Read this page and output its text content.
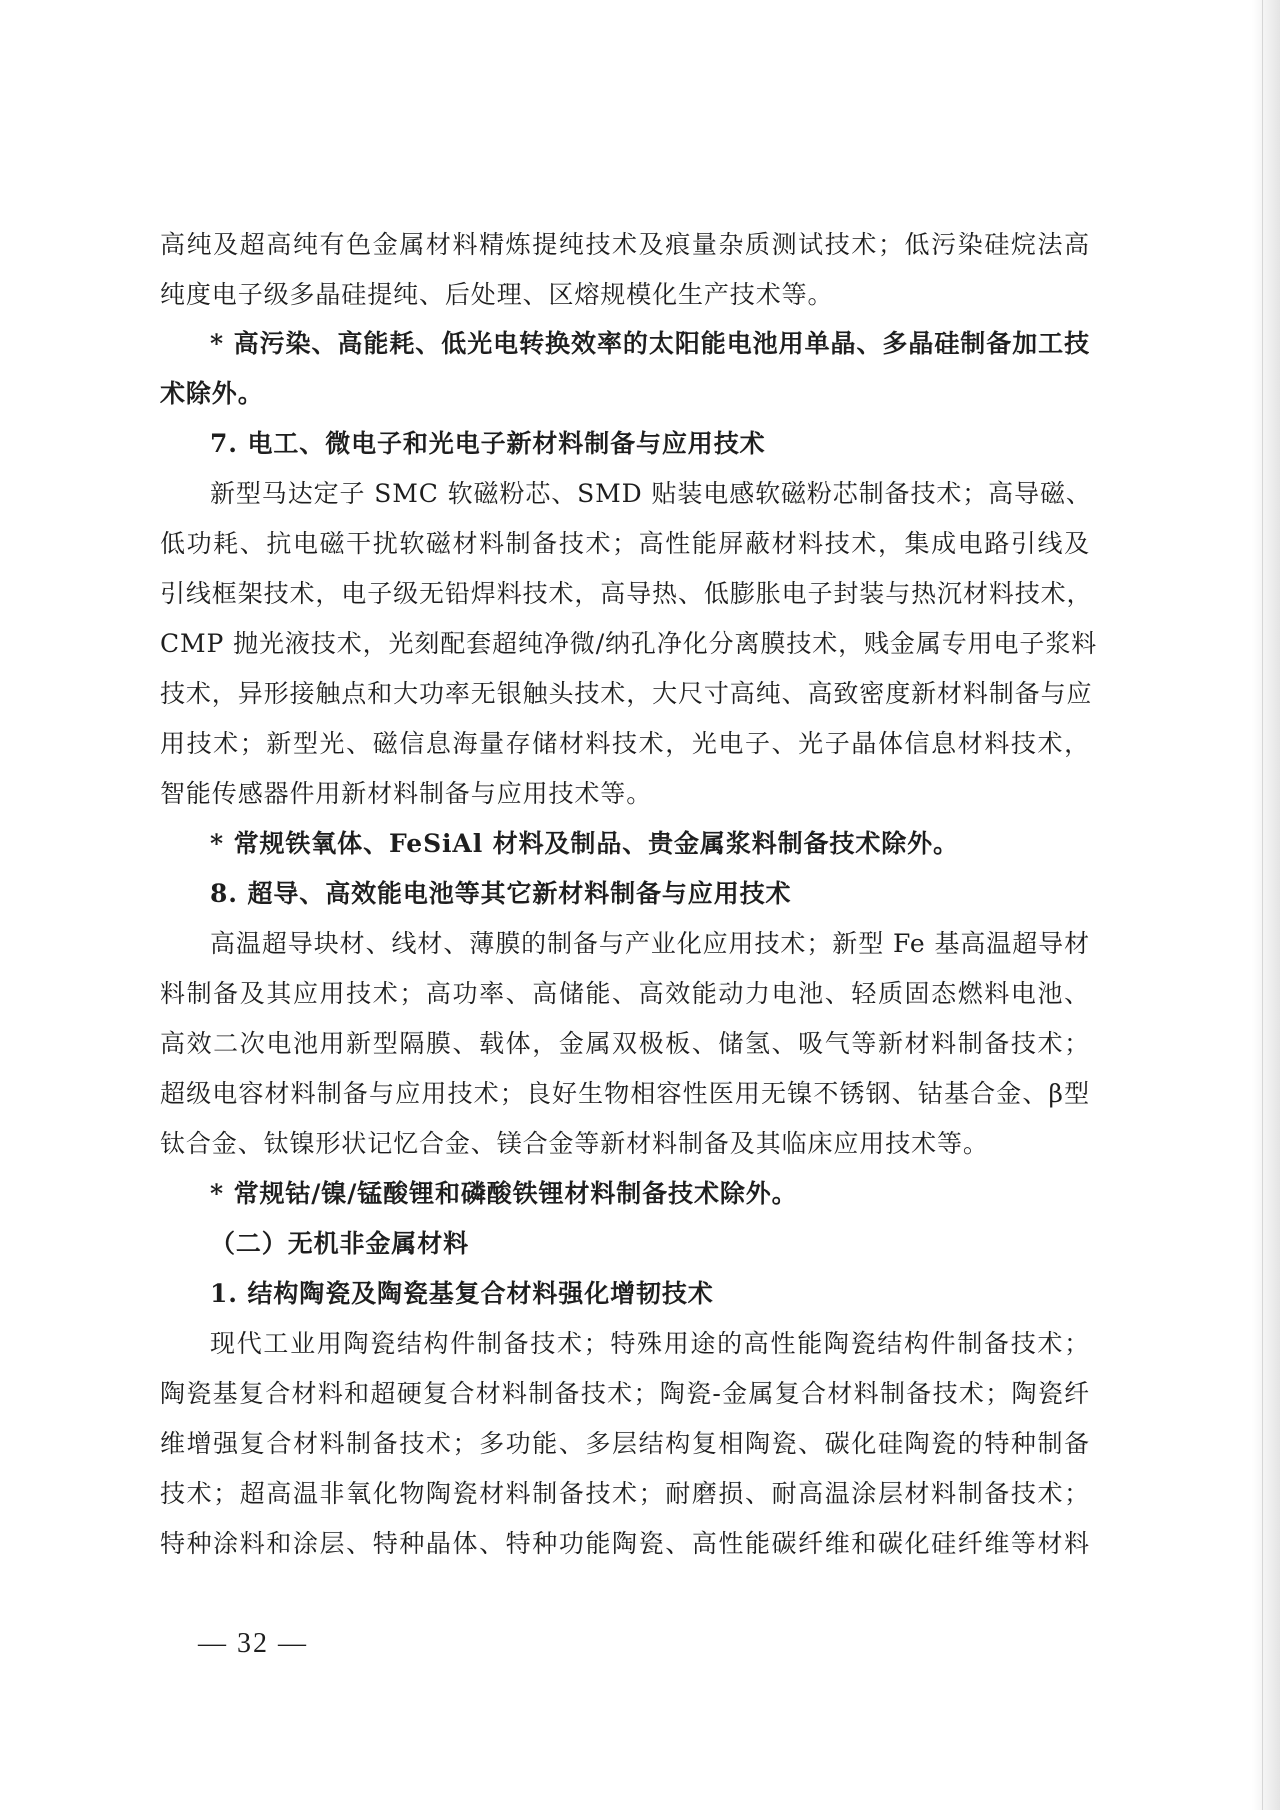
高纯及超高纯有色金属材料精炼提纯技术及痕量杂质测试技术；低污染硅烷法高
纯度电子级多晶硅提纯、后处理、区熔规模化生产技术等。
* 高污染、高能耗、低光电转换效率的太阳能电池用单晶、多晶硅制备加工技
术除外。
7. 电工、微电子和光电子新材料制备与应用技术
新型马达定子 SMC 软磁粉芯、SMD 贴装电感软磁粉芯制备技术；高导磁、
低功耗、抗电磁干扰软磁材料制备技术；高性能屏蔽材料技术，集成电路引线及
引线框架技术，电子级无铅焊料技术，高导热、低膨胀电子封装与热沉材料技术，
CMP 抛光液技术，光刻配套超纯净微/纳孔净化分离膜技术，贱金属专用电子浆料
技术，异形接触点和大功率无银触头技术，大尺寸高纯、高致密度新材料制备与应
用技术；新型光、磁信息海量存储材料技术，光电子、光子晶体信息材料技术，
智能传感器件用新材料制备与应用技术等。
* 常规铁氧体、FeSiAl 材料及制品、贵金属浆料制备技术除外。
8. 超导、高效能电池等其它新材料制备与应用技术
高温超导块材、线材、薄膜的制备与产业化应用技术；新型 Fe 基高温超导材
料制备及其应用技术；高功率、高储能、高效能动力电池、轻质固态燃料电池、
高效二次电池用新型隔膜、载体，金属双极板、储氢、吸气等新材料制备技术；
超级电容材料制备与应用技术；良好生物相容性医用无镍不锈钢、钴基合金、β型
钛合金、钛镍形状记忆合金、镁合金等新材料制备及其临床应用技术等。
* 常规钴/镍/锰酸锂和磷酸铁锂材料制备技术除外。
（二）无机非金属材料
1. 结构陶瓷及陶瓷基复合材料强化增韧技术
现代工业用陶瓷结构件制备技术；特殊用途的高性能陶瓷结构件制备技术；
陶瓷基复合材料和超硬复合材料制备技术；陶瓷-金属复合材料制备技术；陶瓷纤
维增强复合材料制备技术；多功能、多层结构复相陶瓷、碳化硅陶瓷的特种制备
技术；超高温非氧化物陶瓷材料制备技术；耐磨损、耐高温涂层材料制备技术；
特种涂料和涂层、特种晶体、特种功能陶瓷、高性能碳纤维和碳化硅纤维等材料
— 32 —
